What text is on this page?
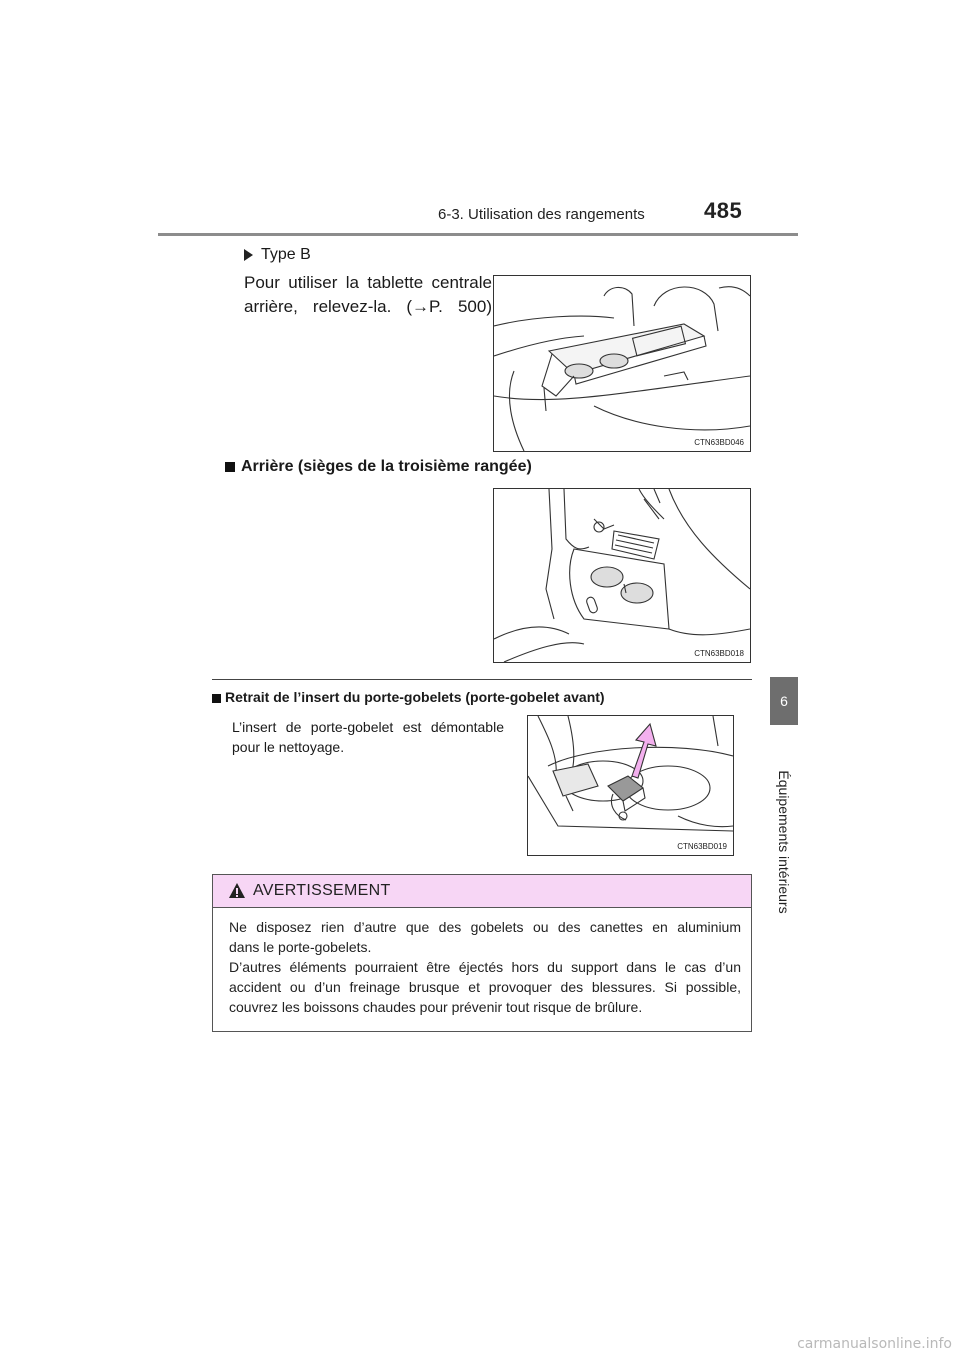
6-3. Utilisation des rangements	485
6
Équipements intérieurs
Type B
Pour utiliser la tablette centrale
arrière, relevez-la. (→P. 500)
CTN63BD046
Arrière (sièges de la troisième rangée)
CTN63BD018
Retrait de l’insert du porte-gobelets (porte-gobelet avant)
L’insert de porte-gobelet est démontable
pour le nettoyage.
CTN63BD019
AVERTISSEMENT

Ne disposez rien d’autre que des gobelets ou des canettes en aluminium

dans le porte-gobelets.

D’autres éléments pourraient être éjectés hors du support dans le cas d’un

accident ou d’un freinage brusque et provoquer des blessures. Si possible,

couvrez les boissons chaudes pour prévenir tout risque de brûlure.

carmanualsonline.info
